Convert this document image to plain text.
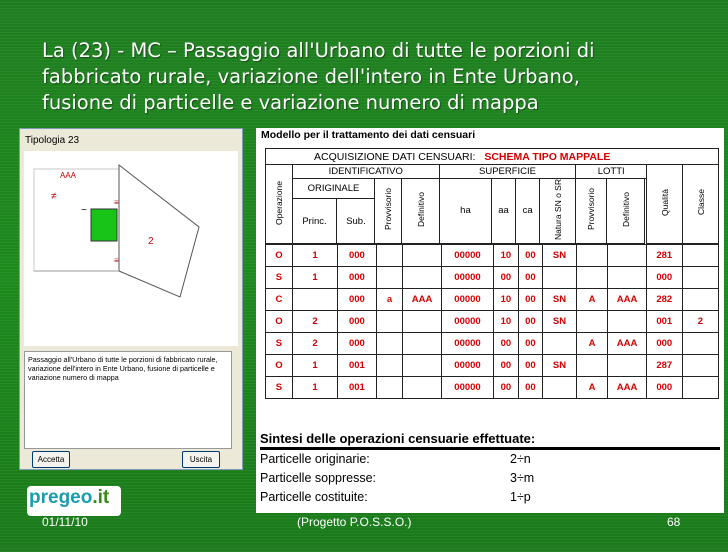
La (23) - MC – Passaggio all'Urbano di tutte le porzioni di
fabbricato rurale, variazione dell'intero in Ente Urbano,
fusione di particelle e variazione numero di mappa
Tipologia 23
AAA
≠
~
≡
≡
2
Passaggio all'Urbano di tutte le porzioni di fabbricato rurale, variazione dell'intero in Ente Urbano, fusione di particelle e variazione numero di mappa
Accetta	Uscita
Modello per il trattamento dei dati censuari
ACQUISIZIONE DATI CENSUARI: SCHEMA TIPO MAPPALE													
Operazione	IDENTIFICATIVO				SUPERFICIE				LOTTI			Qualità	Classe
	ORIGINALE		Provvisorio	Definitivo	ha	aa	ca	Natura SN o SR	Provvisorio	Definitivo			
	Princ.	Sub.											
O	1	000			00000	10	00	SN			281	
S	1	000			00000	00	00				000	
C		000	a	AAA	00000	10	00	SN	A	AAA	282	
O	2	000			00000	10	00	SN			001	2
S	2	000			00000	00	00		A	AAA	000	
O	1	001			00000	00	00	SN			287	
S	1	001			00000	00	00		A	AAA	000	
Sintesi delle operazioni censuarie effettuate:
Particelle originarie:	2÷n
Particelle soppresse:	3÷m
Particelle costituite:	1÷p
pregeo.it
01/11/10	(Progetto P.O.S.S.O.)	68
